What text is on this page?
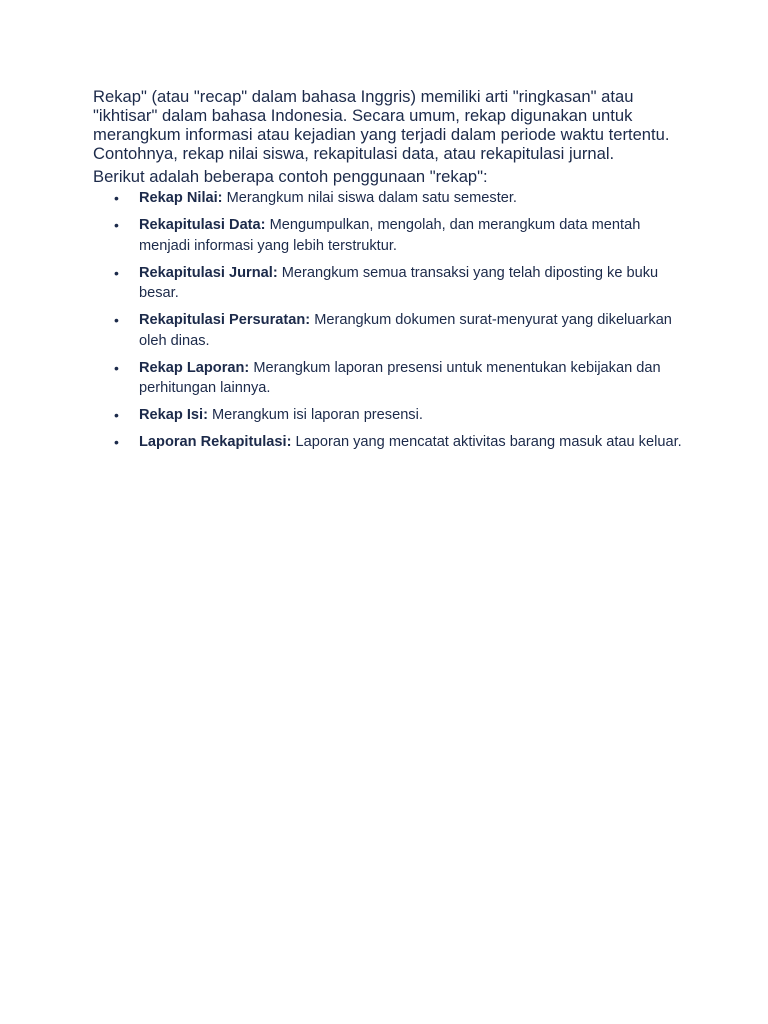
Rekap" (atau "recap" dalam bahasa Inggris) memiliki arti "ringkasan" atau "ikhtisar" dalam bahasa Indonesia. Secara umum, rekap digunakan untuk merangkum informasi atau kejadian yang terjadi dalam periode waktu tertentu. Contohnya, rekap nilai siswa, rekapitulasi data, atau rekapitulasi jurnal.

Berikut adalah beberapa contoh penggunaan "rekap":

• Rekap Nilai: Merangkum nilai siswa dalam satu semester.
• Rekapitulasi Data: Mengumpulkan, mengolah, dan merangkum data mentah menjadi informasi yang lebih terstruktur.
• Rekapitulasi Jurnal: Merangkum semua transaksi yang telah diposting ke buku besar.
• Rekapitulasi Persuratan: Merangkum dokumen surat-menyurat yang dikeluarkan oleh dinas.
• Rekap Laporan: Merangkum laporan presensi untuk menentukan kebijakan dan perhitungan lainnya.
• Rekap Isi: Merangkum isi laporan presensi.
• Laporan Rekapitulasi: Laporan yang mencatat aktivitas barang masuk atau keluar.
